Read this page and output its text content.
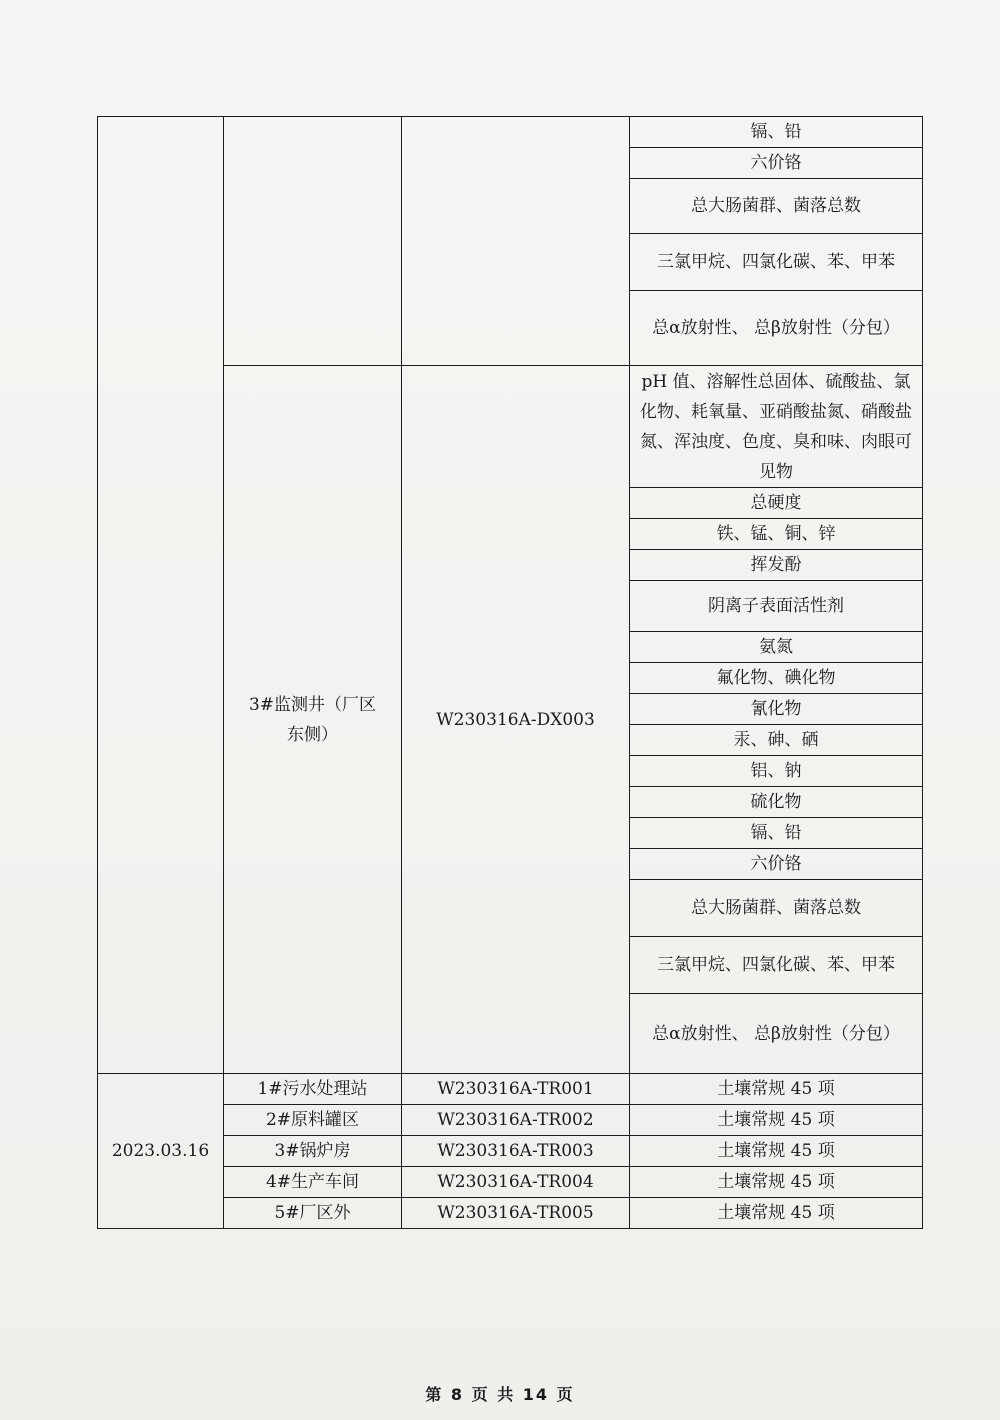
			镉、铅
			六价铬
			总大肠菌群、菌落总数
			三氯甲烷、四氯化碳、苯、甲苯
			总α放射性、 总β放射性（分包）
	3#监测井（厂区东侧）	W230316A-DX003	pH 值、溶解性总固体、硫酸盐、氯化物、耗氧量、亚硝酸盐氮、硝酸盐氮、浑浊度、色度、臭和味、肉眼可见物
			总硬度
			铁、锰、铜、锌
			挥发酚
			阴离子表面活性剂
			氨氮
			氟化物、碘化物
			氰化物
			汞、砷、硒
			铝、钠
			硫化物
			镉、铅
			六价铬
			总大肠菌群、菌落总数
			三氯甲烷、四氯化碳、苯、甲苯
			总α放射性、 总β放射性（分包）
2023.03.16	1#污水处理站	W230316A-TR001	土壤常规 45 项
	2#原料罐区	W230316A-TR002	土壤常规 45 项
	3#锅炉房	W230316A-TR003	土壤常规 45 项
	4#生产车间	W230316A-TR004	土壤常规 45 项
	5#厂区外	W230316A-TR005	土壤常规 45 项
第 8 页 共 14 页
